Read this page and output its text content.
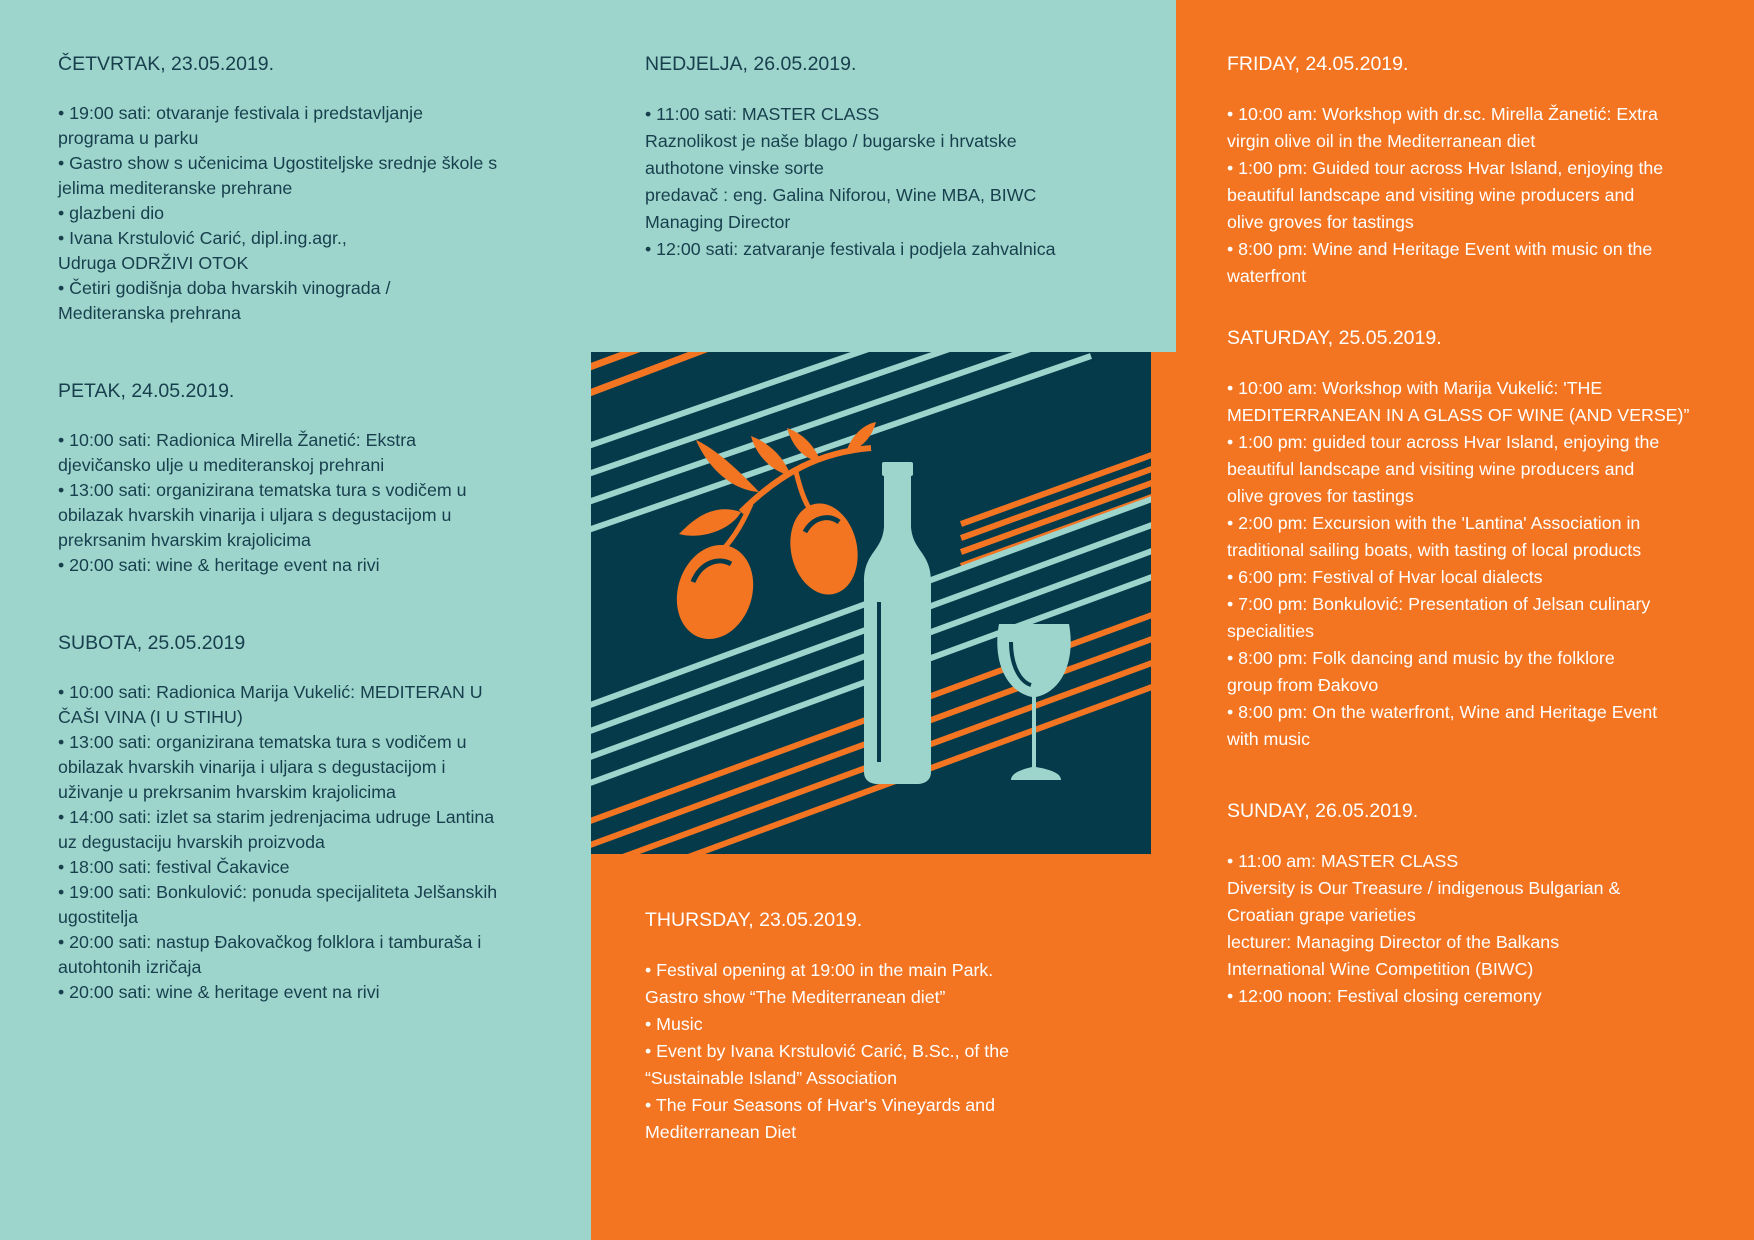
ČETVRTAK, 23.05.2019.

• 19:00 sati: otvaranje festivala i predstavljanje
programa u parku

• Gastro show s učenicima Ugostiteljske srednje škole s
jelima mediteranske prehrane

• glazbeni dio

• Ivana Krstulović Carić, dipl.ing.agr.,
Udruga ODRŽIVI OTOK

• Četiri godišnja doba hvarskih vinograda /
Mediteranska prehrana

PETAK, 24.05.2019.

• 10:00 sati: Radionica Mirella Žanetić: Ekstra
djevičansko ulje u mediteranskoj prehrani

• 13:00 sati: organizirana tematska tura s vodičem u
obilazak hvarskih vinarija i uljara s degustacijom u
prekrsanim hvarskim krajolicima

• 20:00 sati: wine & heritage event na rivi

SUBOTA, 25.05.2019

• 10:00 sati: Radionica Marija Vukelić: MEDITERAN U
ČAŠI VINA (I U STIHU)

• 13:00 sati: organizirana tematska tura s vodičem u
obilazak hvarskih vinarija i uljara s degustacijom i
uživanje u prekrsanim hvarskim krajolicima

• 14:00 sati: izlet sa starim jedrenjacima udruge Lantina
uz degustaciju hvarskih proizvoda

• 18:00 sati: festival Čakavice

• 19:00 sati: Bonkulović: ponuda specijaliteta Jelšanskih
ugostitelja

• 20:00 sati: nastup Đakovačkog folklora i tamburaša i
autohtonih izričaja

• 20:00 sati: wine & heritage event na rivi

NEDJELJA, 26.05.2019.

• 11:00 sati: MASTER CLASS
Raznolikost je naše blago / bugarske i hrvatske
authotone vinske sorte
predavač : eng. Galina Niforou, Wine MBA, BIWC
Managing Director

• 12:00 sati: zatvaranje festivala i podjela zahvalnica

THURSDAY, 23.05.2019.

• Festival opening at 19:00 in the main Park.
Gastro show “The Mediterranean diet”

• Music

• Event by Ivana Krstulović Carić, B.Sc., of the
“Sustainable Island” Association

• The Four Seasons of Hvar's Vineyards and
Mediterranean Diet

FRIDAY, 24.05.2019.

• 10:00 am: Workshop with dr.sc. Mirella Žanetić: Extra
virgin olive oil in the Mediterranean diet

• 1:00 pm: Guided tour across Hvar Island, enjoying the
beautiful landscape and visiting wine producers and
olive groves for tastings

• 8:00 pm: Wine and Heritage Event with music on the
waterfront

SATURDAY, 25.05.2019.

• 10:00 am: Workshop with Marija Vukelić: 'THE
MEDITERRANEAN IN A GLASS OF WINE (AND VERSE)”

• 1:00 pm: guided tour across Hvar Island, enjoying the
beautiful landscape and visiting wine producers and
olive groves for tastings

• 2:00 pm: Excursion with the 'Lantina' Association in
traditional sailing boats, with tasting of local products

• 6:00 pm: Festival of Hvar local dialects

• 7:00 pm: Bonkulović: Presentation of Jelsan culinary
specialities

• 8:00 pm: Folk dancing and music by the folklore
group from Đakovo

• 8:00 pm: On the waterfront, Wine and Heritage Event
with music

SUNDAY, 26.05.2019.

• 11:00 am: MASTER CLASS
Diversity is Our Treasure / indigenous Bulgarian &
Croatian grape varieties
lecturer: Managing Director of the Balkans
International Wine Competition (BIWC)

• 12:00 noon: Festival closing ceremony
